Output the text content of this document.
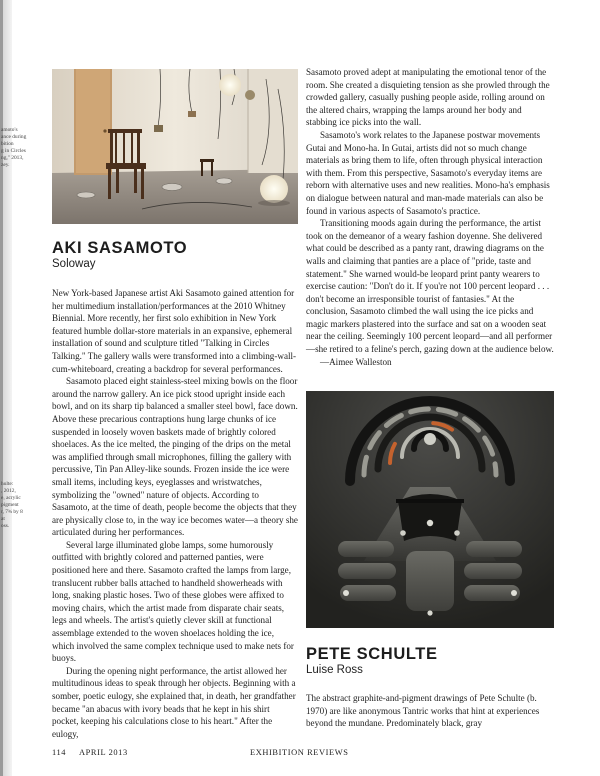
amoto's
ance during
bition
g in Circles
ng," 2013,
zey.
hulte:
, 2012,
e, acrylic
pigment
r, 7¾ by 8
at
oss.
AKI SASAMOTO
Soloway

New York-based Japanese artist Aki Sasamoto gained attention for her multimedium installation/performances at the 2010 Whitney Biennial. More recently, her first solo exhibition in New York featured humble dollar-store materials in an expansive, ephemeral installation of sound and sculpture titled "Talking in Circles Talking." The gallery walls were transformed into a climbing-wall-cum-whiteboard, creating a backdrop for several performances.

Sasamoto placed eight stainless-steel mixing bowls on the floor around the narrow gallery. An ice pick stood upright inside each bowl, and on its sharp tip balanced a smaller steel bowl, face down. Above these precarious contraptions hung large chunks of ice suspended in loosely woven baskets made of brightly colored shoelaces. As the ice melted, the pinging of the drips on the metal was amplified through small microphones, filling the gallery with percussive, Tin Pan Alley-like sounds. Frozen inside the ice were small items, including keys, eyeglasses and wristwatches, symbolizing the "owned" nature of objects. According to Sasamoto, at the time of death, people become the objects that they are physically close to, in the way ice becomes water—a theory she articulated during her performances.

Several large illuminated globe lamps, some humorously outfitted with brightly colored and patterned panties, were positioned here and there. Sasamoto crafted the lamps from large, translucent rubber balls attached to handheld showerheads with long, snaking plastic hoses. Two of these globes were affixed to moving chairs, which the artist made from disparate chair seats, legs and wheels. The artist's quietly clever skill at functional assemblage extended to the woven shoelaces holding the ice, which involved the same complex technique used to make nets for buoys.

During the opening night performance, the artist allowed her multitudinous ideas to speak through her objects. Beginning with a somber, poetic eulogy, she explained that, in death, her grandfather became "an abacus with ivory beads that he kept in his shirt pocket, keeping his calculations close to his heart." After the eulogy,

Sasamoto proved adept at manipulating the emotional tenor of the room. She created a disquieting tension as she prowled through the crowded gallery, casually pushing people aside, rolling around on the altered chairs, wrapping the lamps around her body and stabbing ice picks into the wall.

Sasamoto's work relates to the Japanese postwar movements Gutai and Mono-ha. In Gutai, artists did not so much change materials as bring them to life, often through physical interaction with them. From this perspective, Sasamoto's everyday items are reborn with alternative uses and new realities. Mono-ha's emphasis on dialogue between natural and man-made materials can also be found in various aspects of Sasamoto's practice.

Transitioning moods again during the performance, the artist took on the demeanor of a weary fashion doyenne. She delivered what could be described as a panty rant, drawing diagrams on the walls and claiming that panties are a place of "pride, taste and statement." She warned would-be leopard print panty wearers to exercise caution: "Don't do it. If you're not 100 percent leopard . . . don't become an irresponsible tourist of fantasies." At the conclusion, Sasamoto climbed the wall using the ice picks and magic markers plastered into the surface and sat on a wooden seat near the ceiling. Seemingly 100 percent leopard—and all performer—she retired to a feline's perch, gazing down at the audience below.

—Aimee Walleston

PETE SCHULTE
Luise Ross

The abstract graphite-and-pigment drawings of Pete Schulte (b. 1970) are like anonymous Tantric works that hint at experiences beyond the mundane. Predominately black, gray

114 APRIL 2013	EXHIBITION REVIEWS
